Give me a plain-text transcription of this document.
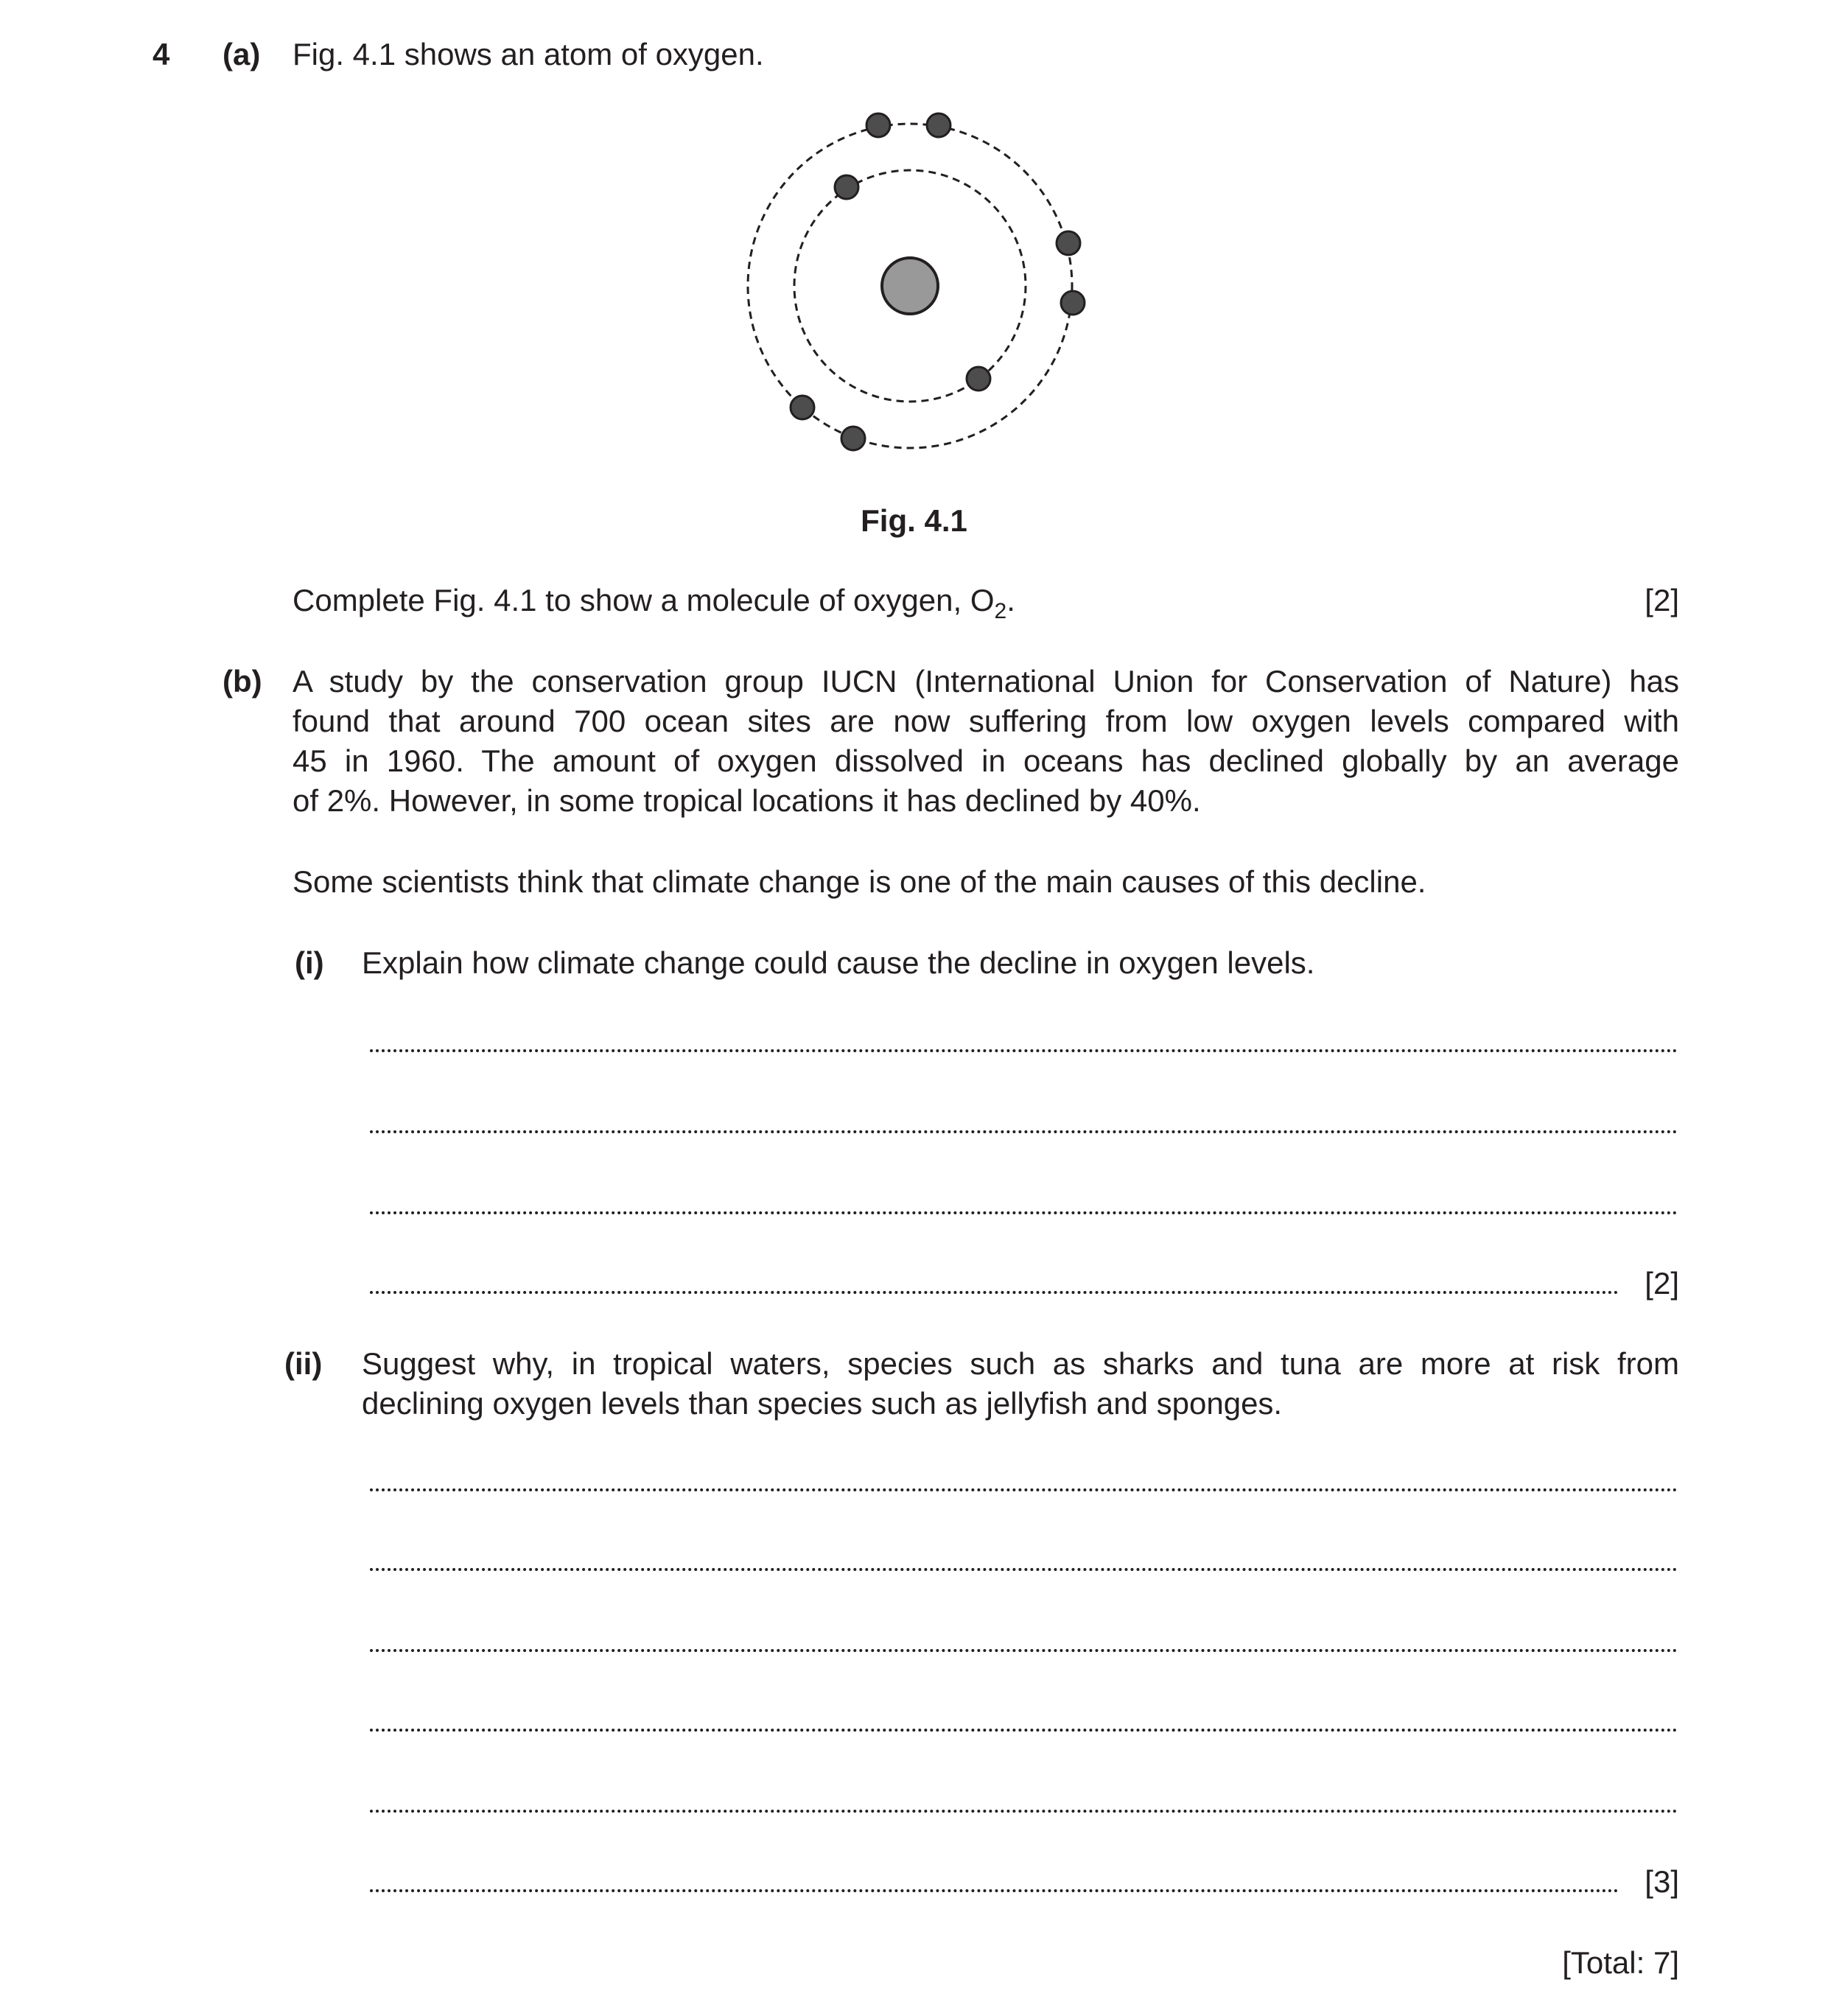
4 (a) Fig. 4.1 shows an atom of oxygen.
Fig. 4.1
Complete Fig. 4.1 to show a molecule of oxygen, $O_2$.	[2]
(b) A study by the conservation group IUCN (International Union for Conservation of Nature) has
found that around 700 ocean sites are now suffering from low oxygen levels compared with
45 in 1960. The amount of oxygen dissolved in oceans has declined globally by an average
of 2%. However, in some tropical locations it has declined by 40%.
Some scientists think that climate change is one of the main causes of this decline.
(i) Explain how climate change could cause the decline in oxygen levels.
[2]
(ii) Suggest why, in tropical waters, species such as sharks and tuna are more at risk from
declining oxygen levels than species such as jellyfish and sponges.
[3]
[Total: 7]
